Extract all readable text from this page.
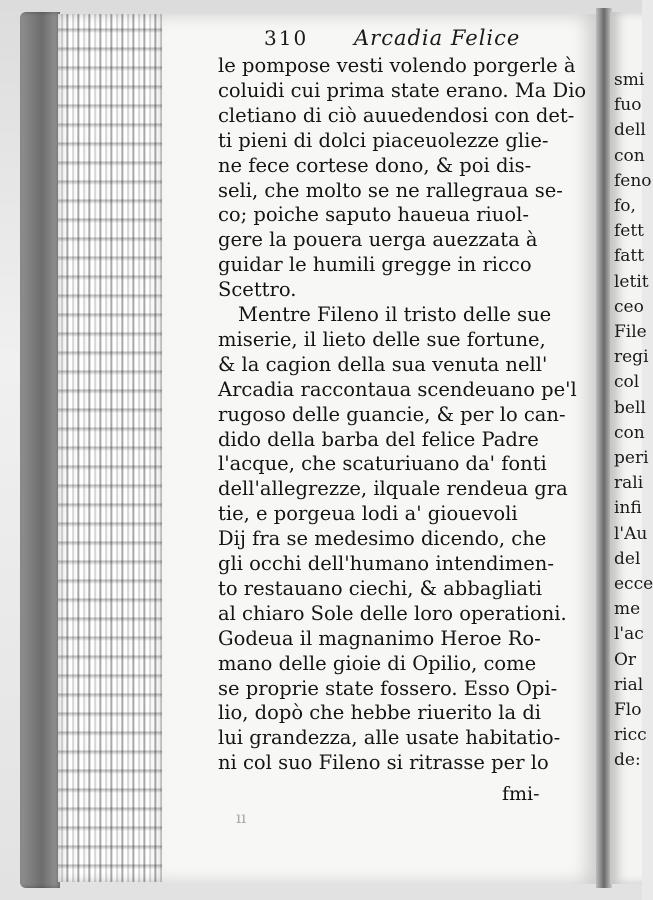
smi
fuo
dell
con
feno
fo,
fett
fatt
letit
ceo
File
regi
col
bell
con
peri
rali
infi
l'Au
del
ecce
me
l'ac
Or
rial
Flo
ricc
de:
310 Arcadia Felice
le pompose vesti volendo porgerle à
coluidi cui prima state erano. Ma Dio
cletiano di ciò auuedendosi con det-
ti pieni di dolci piaceuolezze glie-
ne fece cortese dono, & poi dis-
seli, che molto se ne rallegraua se-
co; poiche saputo haueua riuol-
gere la pouera uerga auezzata à
guidar le humili gregge in ricco
Scettro.
Mentre Fileno il tristo delle sue
miserie, il lieto delle sue fortune,
& la cagion della sua venuta nell'
Arcadia raccontaua scendeuano pe'l
rugoso delle guancie, & per lo can-
dido della barba del felice Padre
l'acque, che scaturiuano da' fonti
dell'allegrezze, ilquale rendeua gra
tie, e porgeua lodi a' giouevoli
Dij fra se medesimo dicendo, che
gli occhi dell'humano intendimen-
to restauano ciechi, & abbagliati
al chiaro Sole delle loro operationi.
Godeua il magnanimo Heroe Ro-
mano delle gioie di Opilio, come
se proprie state fossero. Esso Opi-
lio, dopò che hebbe riuerito la di
lui grandezza, alle usate habitatio-
ni col suo Fileno si ritrasse per lo
fmi-
ıı
